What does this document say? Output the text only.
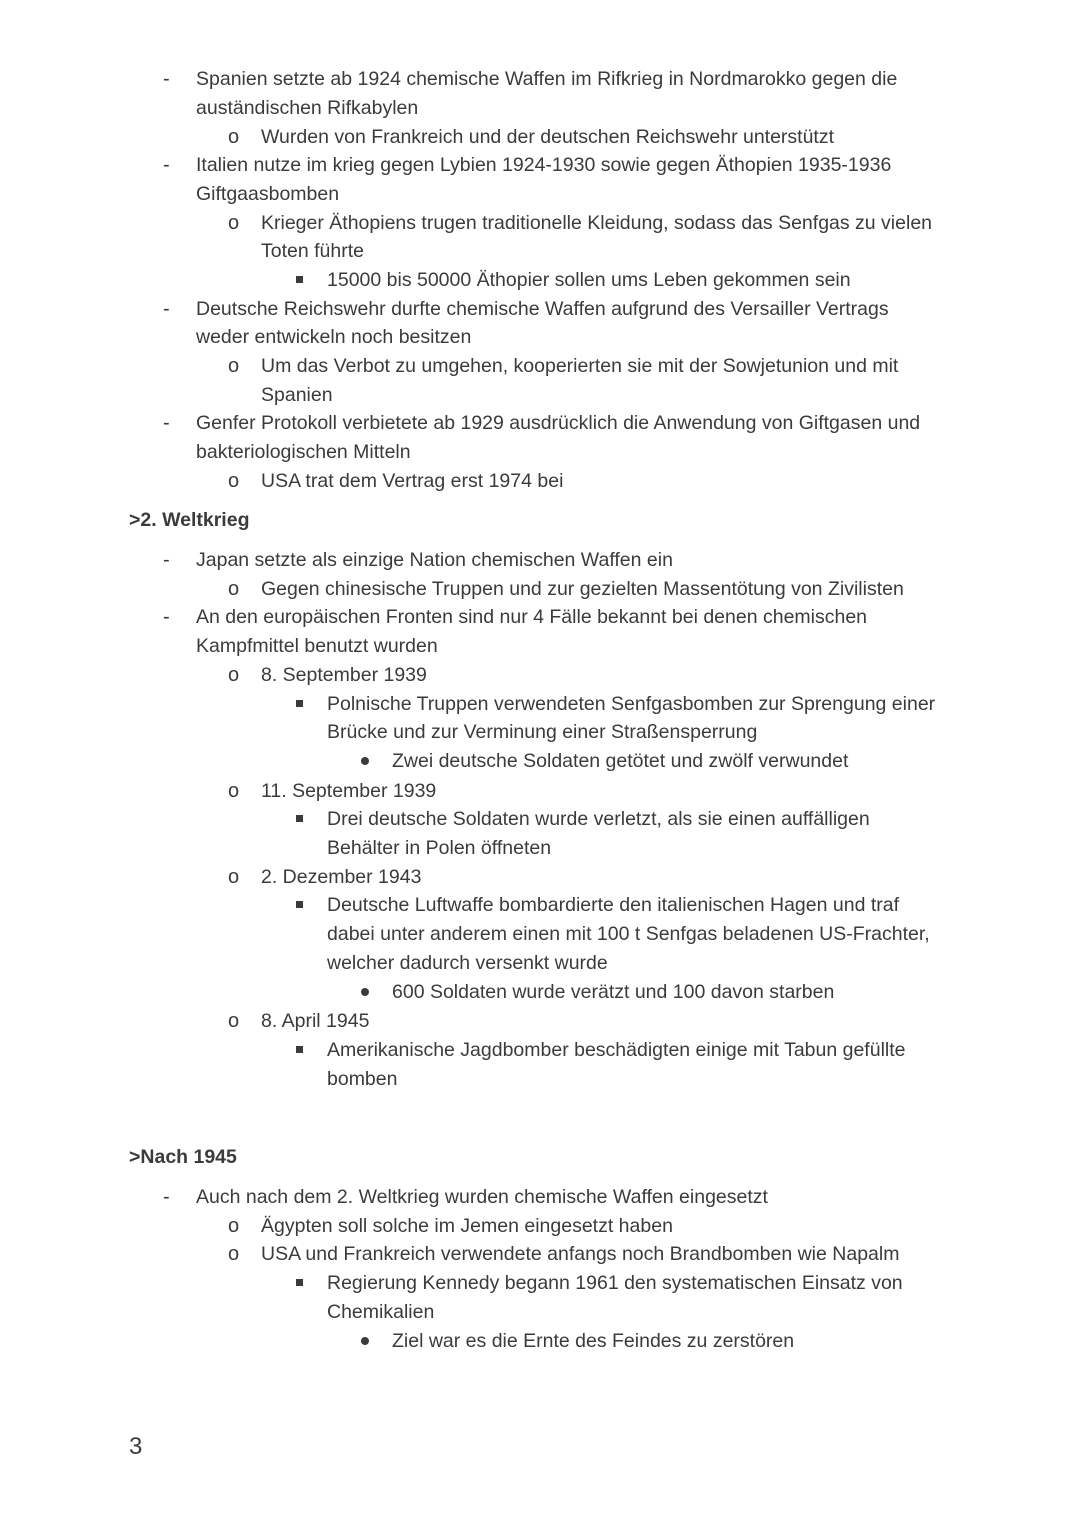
- Spanien setzte ab 1924 chemische Waffen im Rifkrieg in Nordmarokko gegen die
auständischen Rifkabylen
o Wurden von Frankreich und der deutschen Reichswehr unterstützt
- Italien nutze im krieg gegen Lybien 1924-1930 sowie gegen Äthopien 1935-1936
Giftgaasbomben
o Krieger Äthopiens trugen traditionelle Kleidung, sodass das Senfgas zu vielen
Toten führte
15000 bis 50000 Äthopier sollen ums Leben gekommen sein
- Deutsche Reichswehr durfte chemische Waffen aufgrund des Versailler Vertrags
weder entwickeln noch besitzen
o Um das Verbot zu umgehen, kooperierten sie mit der Sowjetunion und mit
Spanien
- Genfer Protokoll verbietete ab 1929 ausdrücklich die Anwendung von Giftgasen und
bakteriologischen Mitteln
o USA trat dem Vertrag erst 1974 bei
>2. Weltkrieg
- Japan setzte als einzige Nation chemischen Waffen ein
o Gegen chinesische Truppen und zur gezielten Massentötung von Zivilisten
- An den europäischen Fronten sind nur 4 Fälle bekannt bei denen chemischen
Kampfmittel benutzt wurden
o 8. September 1939
Polnische Truppen verwendeten Senfgasbomben zur Sprengung einer
Brücke und zur Verminung einer Straßensperrung
Zwei deutsche Soldaten getötet und zwölf verwundet
o 11. September 1939
Drei deutsche Soldaten wurde verletzt, als sie einen auffälligen
Behälter in Polen öffneten
o 2. Dezember 1943
Deutsche Luftwaffe bombardierte den italienischen Hagen und traf
dabei unter anderem einen mit 100 t Senfgas beladenen US-Frachter,
welcher dadurch versenkt wurde
600 Soldaten wurde verätzt und 100 davon starben
o 8. April 1945
Amerikanische Jagdbomber beschädigten einige mit Tabun gefüllte
bomben
>Nach 1945
- Auch nach dem 2. Weltkrieg wurden chemische Waffen eingesetzt
o Ägypten soll solche im Jemen eingesetzt haben
o USA und Frankreich verwendete anfangs noch Brandbomben wie Napalm
Regierung Kennedy begann 1961 den systematischen Einsatz von
Chemikalien
Ziel war es die Ernte des Feindes zu zerstören
3
